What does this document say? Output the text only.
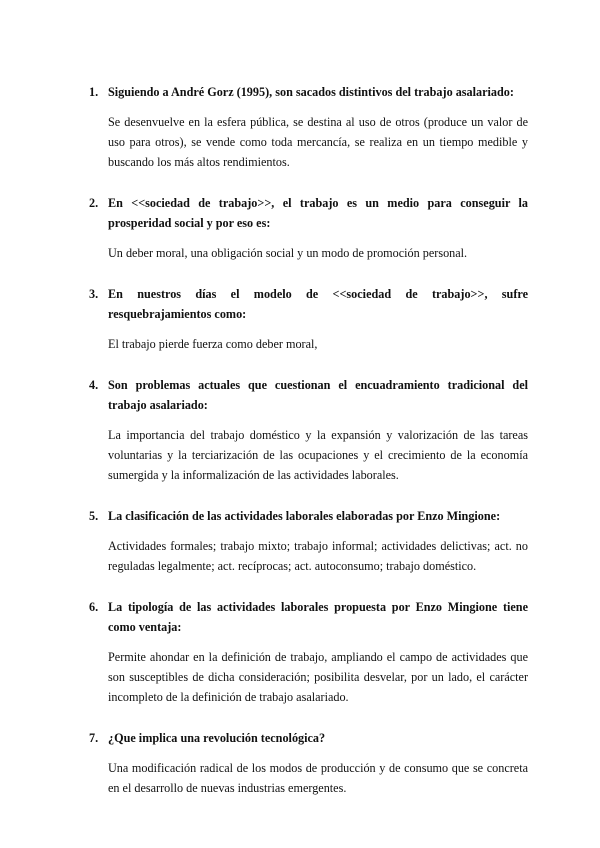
1. Siguiendo a André Gorz (1995), son sacados distintivos del trabajo asalariado:

Se desenvuelve en la esfera pública, se destina al uso de otros (produce un valor de uso para otros), se vende como toda mercancía, se realiza en un tiempo medible y buscando los más altos rendimientos.

2. En <<sociedad de trabajo>>, el trabajo es un medio para conseguir la prosperidad social y por eso es:

Un deber moral, una obligación social y un modo de promoción personal.

3. En nuestros días el modelo de <<sociedad de trabajo>>, sufre resquebrajamientos como:

El trabajo pierde fuerza como deber moral,

4. Son problemas actuales que cuestionan el encuadramiento tradicional del trabajo asalariado:

La importancia del trabajo doméstico y la expansión y valorización de las tareas voluntarias y la terciarización de las ocupaciones y el crecimiento de la economía sumergida y la informalización de las actividades laborales.

5. La clasificación de las actividades laborales elaboradas por Enzo Mingione:

Actividades formales; trabajo mixto; trabajo informal; actividades delictivas; act. no reguladas legalmente; act. recíprocas; act. autoconsumo; trabajo doméstico.

6. La tipología de las actividades laborales propuesta por Enzo Mingione tiene como ventaja:

Permite ahondar en la definición de trabajo, ampliando el campo de actividades que son susceptibles de dicha consideración; posibilita desvelar, por un lado, el carácter incompleto de la definición de trabajo asalariado.

7. ¿Que implica una revolución tecnológica?

Una modificación radical de los modos de producción y de consumo que se concreta en el desarrollo de nuevas industrias emergentes.
